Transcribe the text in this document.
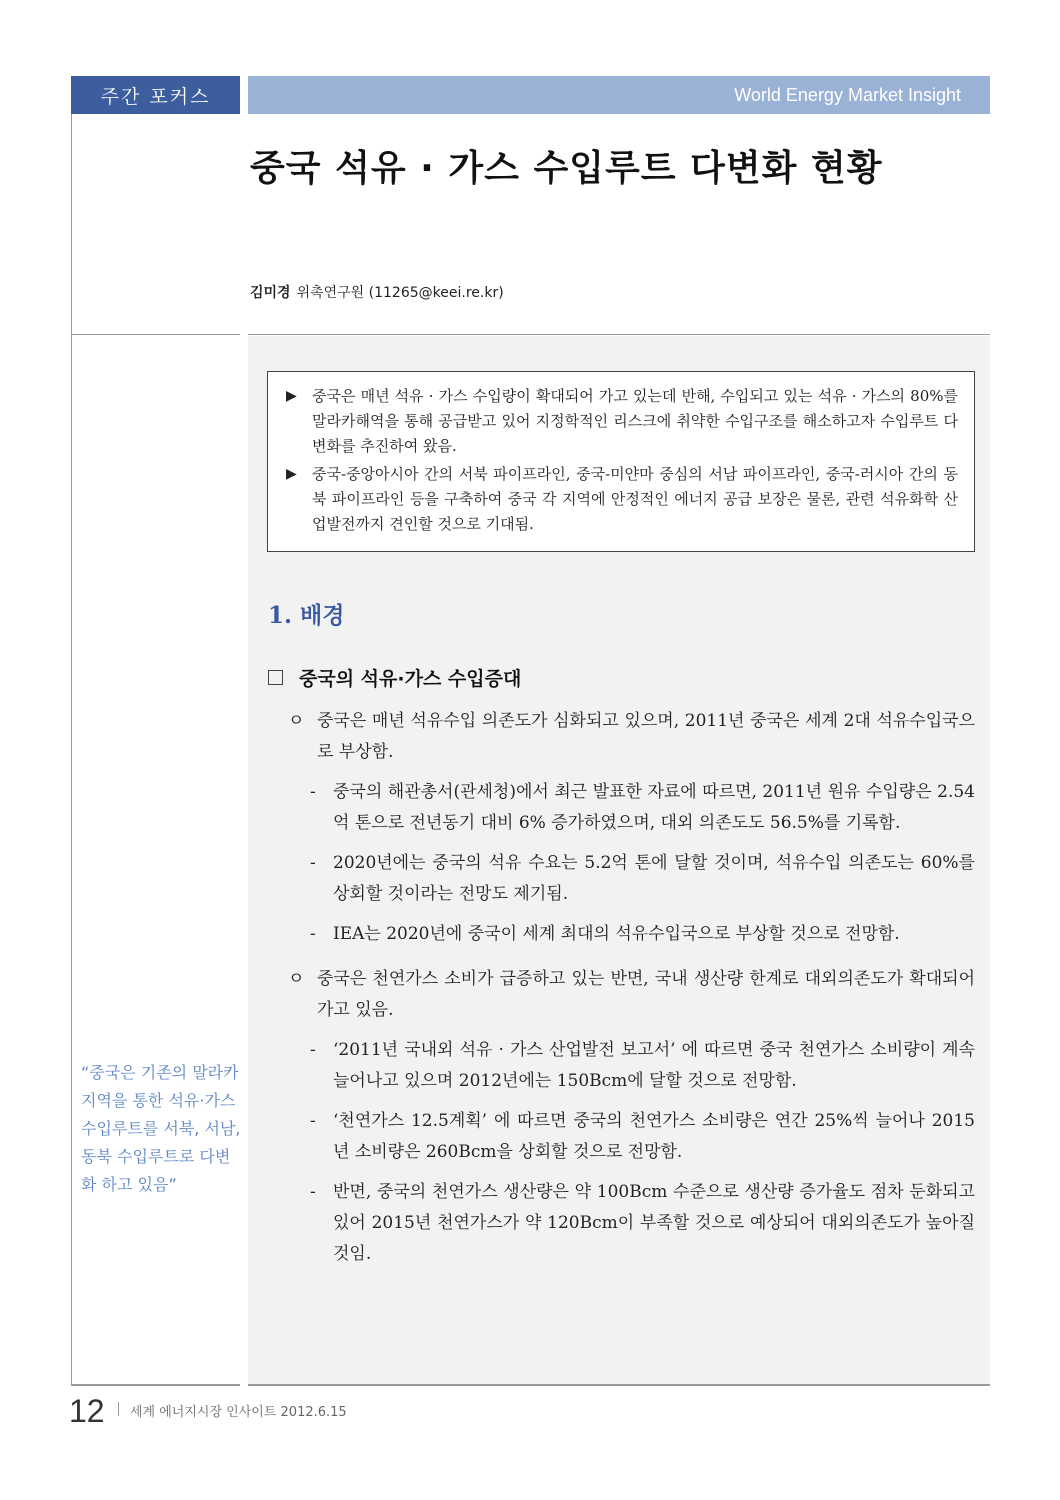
주간 포커스	World Energy Market Insight
중국 석유 · 가스 수입루트 다변화 현황
김미경 위촉연구원 (11265@keei.re.kr)
▶	중국은 매년 석유 · 가스 수입량이 확대되어 가고 있는데 반해, 수입되고 있는 석유 · 가스의 80%를 말라카해역을 통해 공급받고 있어 지정학적인 리스크에 취약한 수입구조를 해소하고자 수입루트 다변화를 추진하여 왔음.
▶	중국-중앙아시아 간의 서북 파이프라인, 중국-미얀마 중심의 서남 파이프라인, 중국-러시아 간의 동북 파이프라인 등을 구축하여 중국 각 지역에 안정적인 에너지 공급 보장은 물론, 관련 석유화학 산업발전까지 견인할 것으로 기대됨.
1. 배경
중국의 석유·가스 수입증대
ㅇ 중국은 매년 석유수입 의존도가 심화되고 있으며, 2011년 중국은 세계 2대 석유수입국으로 부상함.
-	중국의 해관총서(관세청)에서 최근 발표한 자료에 따르면, 2011년 원유 수입량은 2.54억 톤으로 전년동기 대비 6% 증가하였으며, 대외 의존도도 56.5%를 기록함.
-	2020년에는 중국의 석유 수요는 5.2억 톤에 달할 것이며, 석유수입 의존도는 60%를 상회할 것이라는 전망도 제기됨.
-	IEA는 2020년에 중국이 세계 최대의 석유수입국으로 부상할 것으로 전망함.
ㅇ 중국은 천연가스 소비가 급증하고 있는 반면, 국내 생산량 한계로 대외의존도가 확대되어 가고 있음.
-	‘2011년 국내외 석유 · 가스 산업발전 보고서’ 에 따르면 중국 천연가스 소비량이 계속 늘어나고 있으며 2012년에는 150Bcm에 달할 것으로 전망함.
-	‘천연가스 12.5계획’ 에 따르면 중국의 천연가스 소비량은 연간 25%씩 늘어나 2015년 소비량은 260Bcm을 상회할 것으로 전망함.
-	반면, 중국의 천연가스 생산량은 약 100Bcm 수준으로 생산량 증가율도 점차 둔화되고 있어 2015년 천연가스가 약 120Bcm이 부족할 것으로 예상되어 대외의존도가 높아질 것임.
“중국은 기존의 말라카지역을 통한 석유·가스 수입루트를 서북, 서남, 동북 수입루트로 다변화 하고 있음”
12 세계 에너지시장 인사이트 2012.6.15
